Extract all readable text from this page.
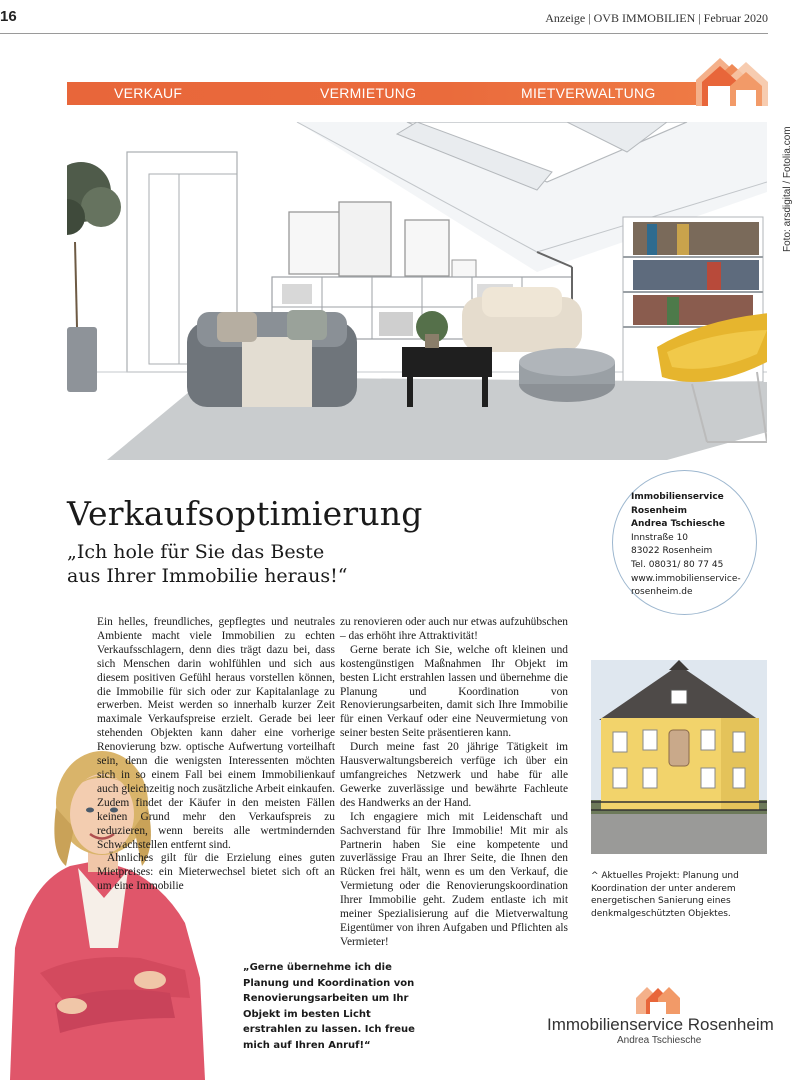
16	Anzeige | OVB IMMOBILIEN | Februar 2020
VERKAUF	VERMIETUNG	MIETVERWALTUNG
Foto: arsdigital / Fotolia.com
Verkaufsoptimierung
„Ich hole für Sie das Beste
aus Ihrer Immobilie heraus!“
Immobilienservice
Rosenheim
Andrea Tschiesche
Innstraße 10
83022 Rosenheim
Tel. 08031/ 80 77 45
www.immobilienservice-
rosenheim.de

Ein helles, freundliches, gepflegtes und neutrales Ambiente macht viele Immobilien zu echten Verkaufsschlagern, denn dies trägt dazu bei, dass sich Menschen darin wohlfühlen und sich aus diesem positiven Gefühl heraus vorstellen können, die Immobilie für sich oder zur Kapitalanlage zu erwerben. Meist werden so innerhalb kurzer Zeit maximale Verkaufspreise erzielt. Gerade bei leer stehenden Objekten kann daher eine vorherige Renovierung bzw. optische Aufwertung vorteilhaft sein, denn die wenigsten Interessenten möchten sich in so einem Fall bei einem Immobilienkauf auch gleichzeitig noch zusätzliche Arbeit einkaufen. Zudem findet der Käufer in den meisten Fällen keinen Grund mehr den Verkaufspreis zu reduzieren, wenn bereits alle wertmindernden Schwachstellen entfernt sind.

Ähnliches gilt für die Erzielung eines guten Mietpreises: ein Mieterwechsel bietet sich oft an um eine Immobilie

zu renovieren oder auch nur etwas aufzuhübschen – das erhöht ihre Attraktivität!

Gerne berate ich Sie, welche oft kleinen und kostengünstigen Maßnahmen Ihr Objekt im besten Licht erstrahlen lassen und übernehme die Planung und Koordination von Renovierungsarbeiten, damit sich Ihre Immobilie für einen Verkauf oder eine Neuvermietung von seiner besten Seite präsentieren kann.

Durch meine fast 20 jährige Tätigkeit im Hausverwaltungsbereich verfüge ich über ein umfangreiches Netzwerk und habe für alle Gewerke zuverlässige und bewährte Fachleute des Handwerks an der Hand.

Ich engagiere mich mit Leidenschaft und Sachverstand für Ihre Immobilie! Mit mir als Partnerin haben Sie eine kompetente und zuverlässige Frau an Ihrer Seite, die Ihnen den Rücken frei hält, wenn es um den Verkauf, die Vermietung oder die Renovierungskoordination Ihrer Immobilie geht. Zudem entlaste ich mit meiner Spezialisierung auf die Mietverwaltung Eigentümer von ihren Aufgaben und Pflichten als Vermieter!

^ Aktuelles Projekt: Planung und Koordination der unter anderem energetischen Sanierung eines denkmalgeschützten Objektes.
„Gerne übernehme ich die Planung und Koordination von Renovierungsarbeiten um Ihr Objekt im besten Licht erstrahlen zu lassen. Ich freue mich auf Ihren Anruf!“
Immobilienservice Rosenheim
Andrea Tschiesche
